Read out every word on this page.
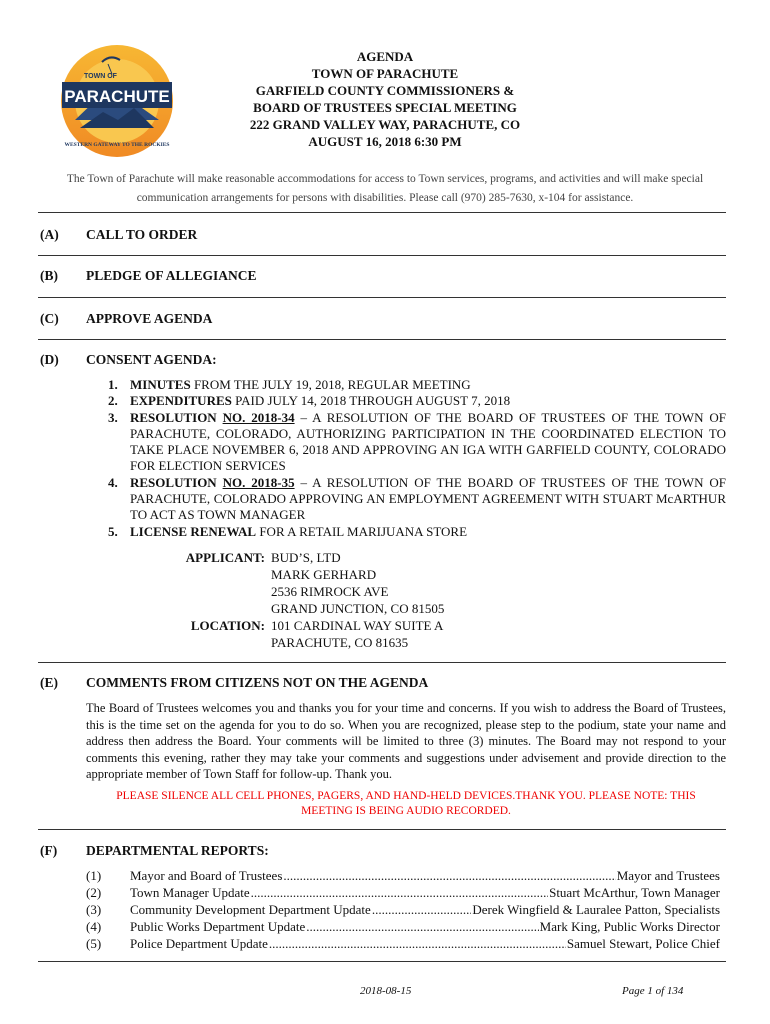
TOWN OF
PARACHUTE
WESTERN GATEWAY TO THE ROCKIES
AGENDA
TOWN OF PARACHUTE
GARFIELD COUNTY COMMISSIONERS &
BOARD OF TRUSTEES SPECIAL MEETING
222 GRAND VALLEY WAY, PARACHUTE, CO
AUGUST 16, 2018 6:30 PM
The Town of Parachute will make reasonable accommodations for access to Town services, programs, and activities and will make special
communication arrangements for persons with disabilities. Please call (970) 285-7630, x-104 for assistance.
(A) CALL TO ORDER
(B) PLEDGE OF ALLEGIANCE
(C) APPROVE AGENDA
(D) CONSENT AGENDA:
1. MINUTES FROM THE JULY 19, 2018, REGULAR MEETING
2. EXPENDITURES PAID JULY 14, 2018 THROUGH AUGUST 7, 2018
3. RESOLUTION NO. 2018-34 – A RESOLUTION OF THE BOARD OF TRUSTEES OF THE TOWN OF PARACHUTE, COLORADO, AUTHORIZING PARTICIPATION IN THE COORDINATED ELECTION TO TAKE PLACE NOVEMBER 6, 2018 AND APPROVING AN IGA WITH GARFIELD COUNTY, COLORADO FOR ELECTION SERVICES
4. RESOLUTION NO. 2018-35 – A RESOLUTION OF THE BOARD OF TRUSTEES OF THE TOWN OF PARACHUTE, COLORADO APPROVING AN EMPLOYMENT AGREEMENT WITH STUART McARTHUR TO ACT AS TOWN MANAGER
5. LICENSE RENEWAL FOR A RETAIL MARIJUANA STORE
APPLICANT: BUD’S, LTD
MARK GERHARD
2536 RIMROCK AVE
GRAND JUNCTION, CO 81505
LOCATION: 101 CARDINAL WAY SUITE A
PARACHUTE, CO 81635
(E) COMMENTS FROM CITIZENS NOT ON THE AGENDA
The Board of Trustees welcomes you and thanks you for your time and concerns. If you wish to address the Board of Trustees, this is the time set on the agenda for you to do so. When you are recognized, please step to the podium, state your name and address then address the Board. Your comments will be limited to three (3) minutes. The Board may not respond to your comments this evening, rather they may take your comments and suggestions under advisement and provide direction to the appropriate member of Town Staff for follow-up. Thank you.
PLEASE SILENCE ALL CELL PHONES, PAGERS, AND HAND-HELD DEVICES.THANK YOU. PLEASE NOTE: THIS
MEETING IS BEING AUDIO RECORDED.
(F) DEPARTMENTAL REPORTS:
(1)	Mayor and Board of Trustees .....	Mayor and Trustees
(2)	Town Manager Update .....	Stuart McArthur, Town Manager
(3)	Community Development Department Update .....	Derek Wingfield & Lauralee Patton, Specialists
(4)	Public Works Department Update .....	Mark King, Public Works Director
(5)	Police Department Update .....	Samuel Stewart, Police Chief
2018-08-15	Page 1 of 134
